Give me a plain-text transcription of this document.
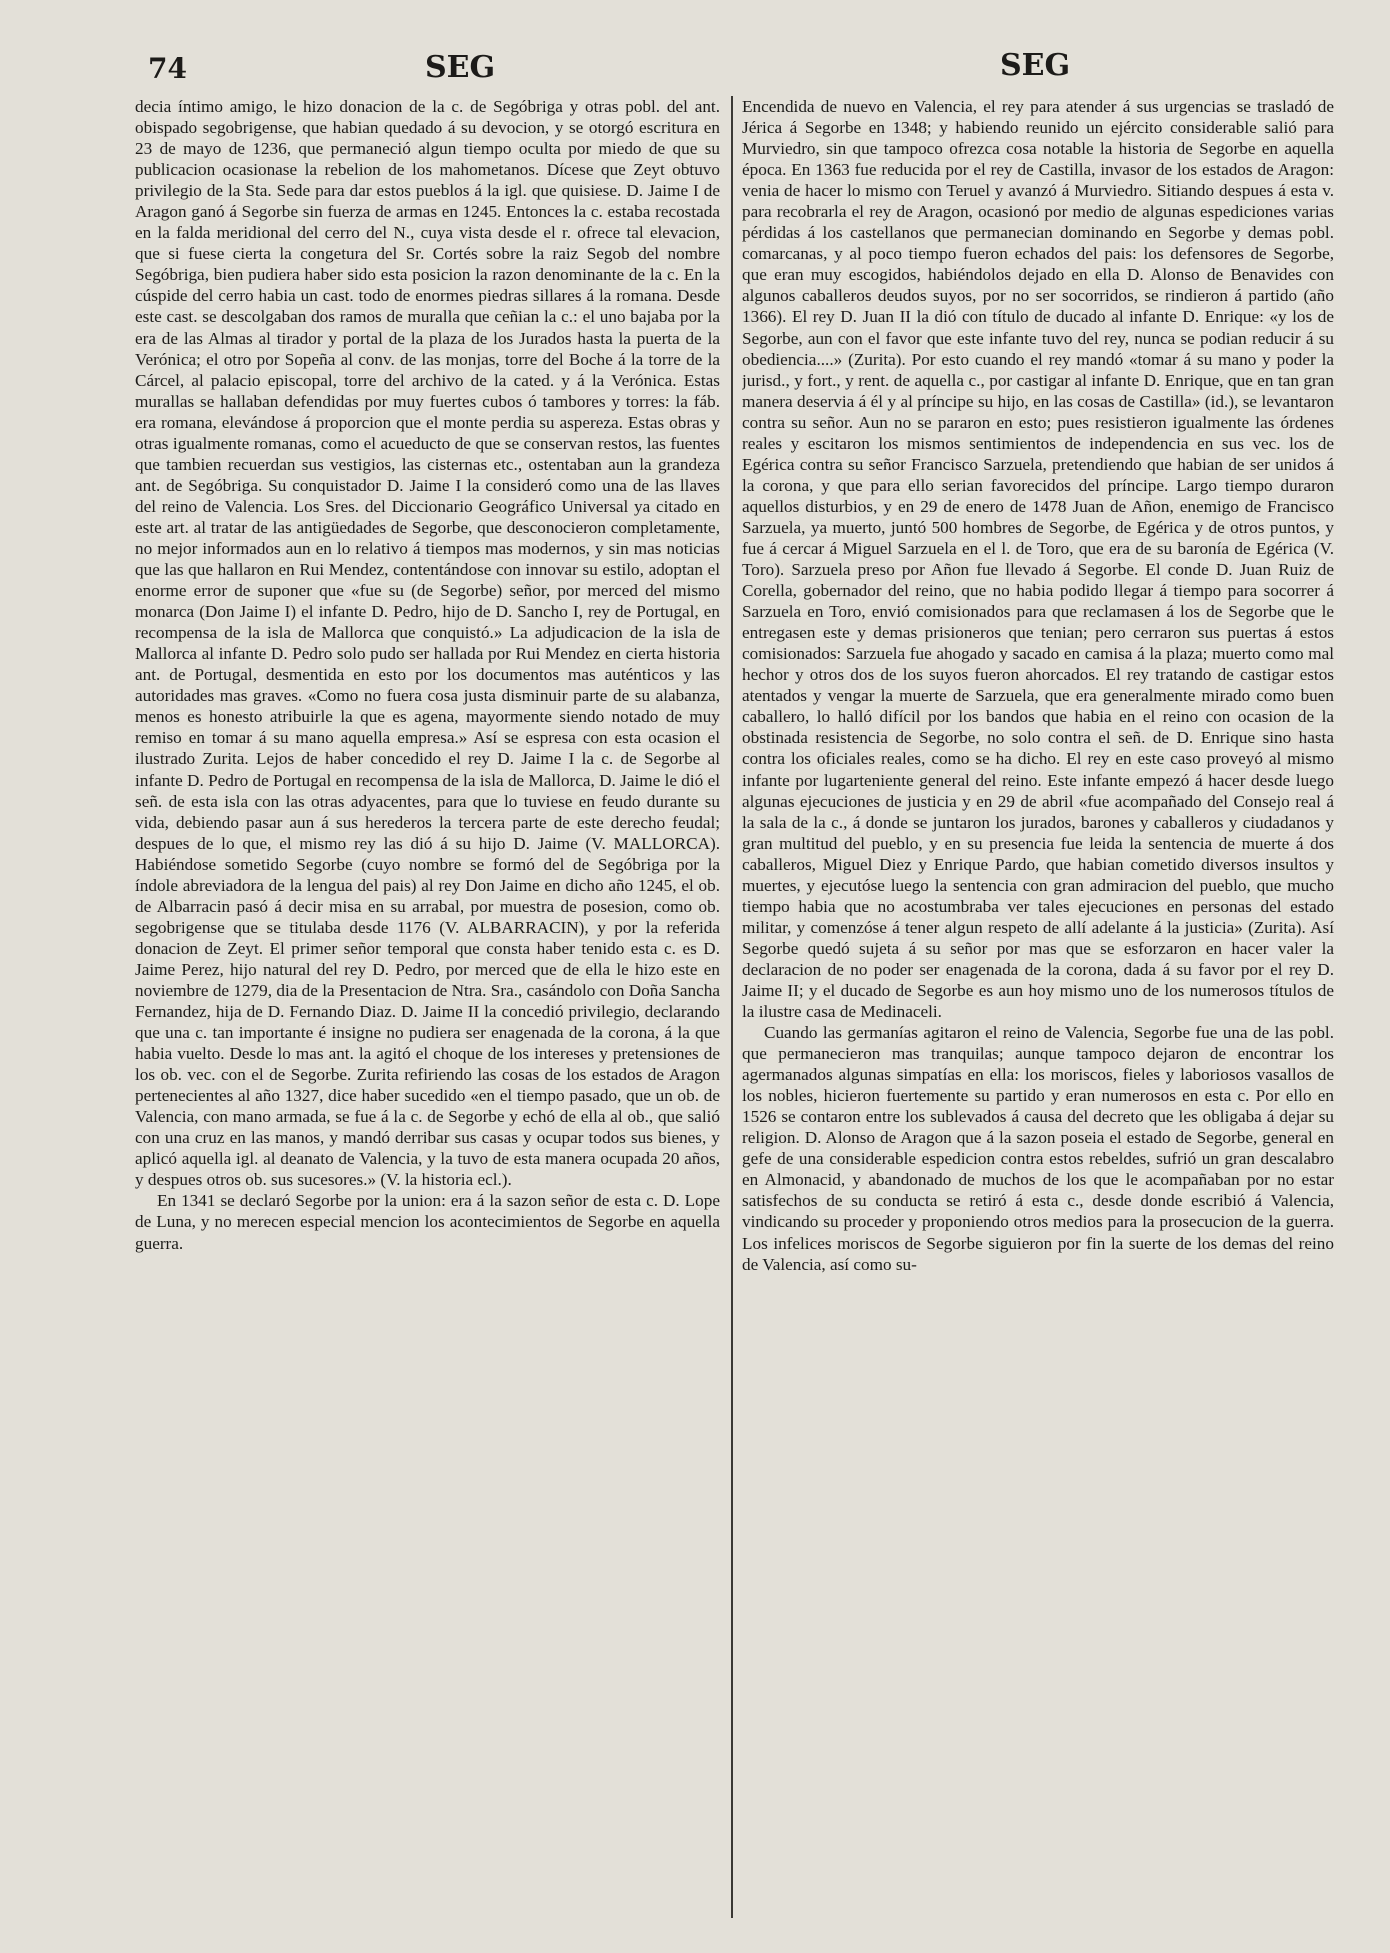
74	SEG	SEG

decia íntimo amigo, le hizo donacion de la c. de Segóbriga y otras pobl. del ant. obispado segobrigense, que habian quedado á su devocion, y se otorgó escritura en 23 de mayo de 1236, que permaneció algun tiempo oculta por miedo de que su publicacion ocasionase la rebelion de los mahometanos. Dícese que Zeyt obtuvo privilegio de la Sta. Sede para dar estos pueblos á la igl. que quisiese. D. Jaime I de Aragon ganó á Segorbe sin fuerza de armas en 1245. Entonces la c. estaba recostada en la falda meridional del cerro del N., cuya vista desde el r. ofrece tal elevacion, que si fuese cierta la congetura del Sr. Cortés sobre la raiz Segob del nombre Segóbriga, bien pudiera haber sido esta posicion la razon denominante de la c. En la cúspide del cerro habia un cast. todo de enormes piedras sillares á la romana. Desde este cast. se descolgaban dos ramos de muralla que ceñian la c.: el uno bajaba por la era de las Almas al tirador y portal de la plaza de los Jurados hasta la puerta de la Verónica; el otro por Sopeña al conv. de las monjas, torre del Boche á la torre de la Cárcel, al palacio episcopal, torre del archivo de la cated. y á la Verónica. Estas murallas se hallaban defendidas por muy fuertes cubos ó tambores y torres: la fáb. era romana, elevándose á proporcion que el monte perdia su aspereza. Estas obras y otras igualmente romanas, como el acueducto de que se conservan restos, las fuentes que tambien recuerdan sus vestigios, las cisternas etc., ostentaban aun la grandeza ant. de Segóbriga. Su conquistador D. Jaime I la consideró como una de las llaves del reino de Valencia. Los Sres. del Diccionario Geográfico Universal ya citado en este art. al tratar de las antigüedades de Segorbe, que desconocieron completamente, no mejor informados aun en lo relativo á tiempos mas modernos, y sin mas noticias que las que hallaron en Rui Mendez, contentándose con innovar su estilo, adoptan el enorme error de suponer que «fue su (de Segorbe) señor, por merced del mismo monarca (Don Jaime I) el infante D. Pedro, hijo de D. Sancho I, rey de Portugal, en recompensa de la isla de Mallorca que conquistó.» La adjudicacion de la isla de Mallorca al infante D. Pedro solo pudo ser hallada por Rui Mendez en cierta historia ant. de Portugal, desmentida en esto por los documentos mas auténticos y las autoridades mas graves. «Como no fuera cosa justa disminuir parte de su alabanza, menos es honesto atribuirle la que es agena, mayormente siendo notado de muy remiso en tomar á su mano aquella empresa.» Así se espresa con esta ocasion el ilustrado Zurita. Lejos de haber concedido el rey D. Jaime I la c. de Segorbe al infante D. Pedro de Portugal en recompensa de la isla de Mallorca, D. Jaime le dió el señ. de esta isla con las otras adyacentes, para que lo tuviese en feudo durante su vida, debiendo pasar aun á sus herederos la tercera parte de este derecho feudal; despues de lo que, el mismo rey las dió á su hijo D. Jaime (V. MALLORCA). Habiéndose sometido Segorbe (cuyo nombre se formó del de Segóbriga por la índole abreviadora de la lengua del pais) al rey Don Jaime en dicho año 1245, el ob. de Albarracin pasó á decir misa en su arrabal, por muestra de posesion, como ob. segobrigense que se titulaba desde 1176 (V. ALBARRACIN), y por la referida donacion de Zeyt. El primer señor temporal que consta haber tenido esta c. es D. Jaime Perez, hijo natural del rey D. Pedro, por merced que de ella le hizo este en noviembre de 1279, dia de la Presentacion de Ntra. Sra., casándolo con Doña Sancha Fernandez, hija de D. Fernando Diaz. D. Jaime II la concedió privilegio, declarando que una c. tan importante é insigne no pudiera ser enagenada de la corona, á la que habia vuelto. Desde lo mas ant. la agitó el choque de los intereses y pretensiones de los ob. vec. con el de Segorbe. Zurita refiriendo las cosas de los estados de Aragon pertenecientes al año 1327, dice haber sucedido «en el tiempo pasado, que un ob. de Valencia, con mano armada, se fue á la c. de Segorbe y echó de ella al ob., que salió con una cruz en las manos, y mandó derribar sus casas y ocupar todos sus bienes, y aplicó aquella igl. al deanato de Valencia, y la tuvo de esta manera ocupada 20 años, y despues otros ob. sus sucesores.» (V. la historia ecl.).

En 1341 se declaró Segorbe por la union: era á la sazon señor de esta c. D. Lope de Luna, y no merecen especial mencion los acontecimientos de Segorbe en aquella guerra.

Encendida de nuevo en Valencia, el rey para atender á sus urgencias se trasladó de Jérica á Segorbe en 1348; y habiendo reunido un ejército considerable salió para Murviedro, sin que tampoco ofrezca cosa notable la historia de Segorbe en aquella época. En 1363 fue reducida por el rey de Castilla, invasor de los estados de Aragon: venia de hacer lo mismo con Teruel y avanzó á Murviedro. Sitiando despues á esta v. para recobrarla el rey de Aragon, ocasionó por medio de algunas espediciones varias pérdidas á los castellanos que permanecian dominando en Segorbe y demas pobl. comarcanas, y al poco tiempo fueron echados del pais: los defensores de Segorbe, que eran muy escogidos, habiéndolos dejado en ella D. Alonso de Benavides con algunos caballeros deudos suyos, por no ser socorridos, se rindieron á partido (año 1366). El rey D. Juan II la dió con título de ducado al infante D. Enrique: «y los de Segorbe, aun con el favor que este infante tuvo del rey, nunca se podian reducir á su obediencia....» (Zurita). Por esto cuando el rey mandó «tomar á su mano y poder la jurisd., y fort., y rent. de aquella c., por castigar al infante D. Enrique, que en tan gran manera deservia á él y al príncipe su hijo, en las cosas de Castilla» (id.), se levantaron contra su señor. Aun no se pararon en esto; pues resistieron igualmente las órdenes reales y escitaron los mismos sentimientos de independencia en sus vec. los de Egérica contra su señor Francisco Sarzuela, pretendiendo que habian de ser unidos á la corona, y que para ello serian favorecidos del príncipe. Largo tiempo duraron aquellos disturbios, y en 29 de enero de 1478 Juan de Añon, enemigo de Francisco Sarzuela, ya muerto, juntó 500 hombres de Segorbe, de Egérica y de otros puntos, y fue á cercar á Miguel Sarzuela en el l. de Toro, que era de su baronía de Egérica (V. Toro). Sarzuela preso por Añon fue llevado á Segorbe. El conde D. Juan Ruiz de Corella, gobernador del reino, que no habia podido llegar á tiempo para socorrer á Sarzuela en Toro, envió comisionados para que reclamasen á los de Segorbe que le entregasen este y demas prisioneros que tenian; pero cerraron sus puertas á estos comisionados: Sarzuela fue ahogado y sacado en camisa á la plaza; muerto como mal hechor y otros dos de los suyos fueron ahorcados. El rey tratando de castigar estos atentados y vengar la muerte de Sarzuela, que era generalmente mirado como buen caballero, lo halló difícil por los bandos que habia en el reino con ocasion de la obstinada resistencia de Segorbe, no solo contra el señ. de D. Enrique sino hasta contra los oficiales reales, como se ha dicho. El rey en este caso proveyó al mismo infante por lugarteniente general del reino. Este infante empezó á hacer desde luego algunas ejecuciones de justicia y en 29 de abril «fue acompañado del Consejo real á la sala de la c., á donde se juntaron los jurados, barones y caballeros y ciudadanos y gran multitud del pueblo, y en su presencia fue leida la sentencia de muerte á dos caballeros, Miguel Diez y Enrique Pardo, que habian cometido diversos insultos y muertes, y ejecutóse luego la sentencia con gran admiracion del pueblo, que mucho tiempo habia que no acostumbraba ver tales ejecuciones en personas del estado militar, y comenzóse á tener algun respeto de allí adelante á la justicia» (Zurita). Así Segorbe quedó sujeta á su señor por mas que se esforzaron en hacer valer la declaracion de no poder ser enagenada de la corona, dada á su favor por el rey D. Jaime II; y el ducado de Segorbe es aun hoy mismo uno de los numerosos títulos de la ilustre casa de Medinaceli.

Cuando las germanías agitaron el reino de Valencia, Segorbe fue una de las pobl. que permanecieron mas tranquilas; aunque tampoco dejaron de encontrar los agermanados algunas simpatías en ella: los moriscos, fieles y laboriosos vasallos de los nobles, hicieron fuertemente su partido y eran numerosos en esta c. Por ello en 1526 se contaron entre los sublevados á causa del decreto que les obligaba á dejar su religion. D. Alonso de Aragon que á la sazon poseia el estado de Segorbe, general en gefe de una considerable espedicion contra estos rebeldes, sufrió un gran descalabro en Almonacid, y abandonado de muchos de los que le acompañaban por no estar satisfechos de su conducta se retiró á esta c., desde donde escribió á Valencia, vindicando su proceder y proponiendo otros medios para la prosecucion de la guerra. Los infelices moriscos de Segorbe siguieron por fin la suerte de los demas del reino de Valencia, así como su-
